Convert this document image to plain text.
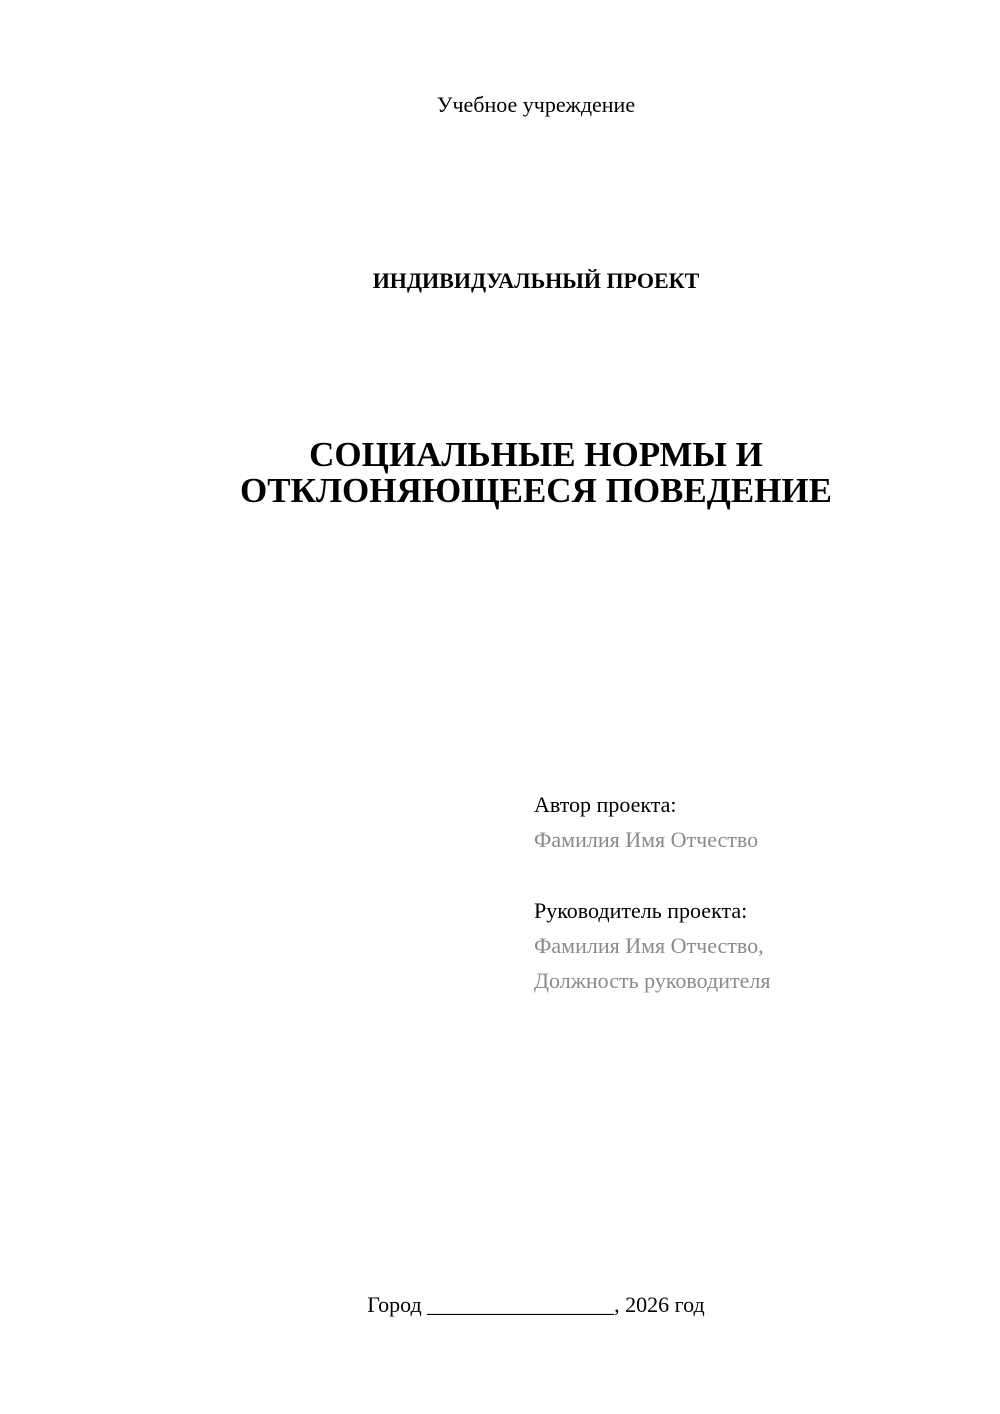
Учебное учреждение
ИНДИВИДУАЛЬНЫЙ ПРОЕКТ
СОЦИАЛЬНЫЕ НОРМЫ И
ОТКЛОНЯЮЩЕЕСЯ ПОВЕДЕНИЕ
Автор проекта:
Фамилия Имя Отчество
Руководитель проекта:
Фамилия Имя Отчество,
Должность руководителя
Город _________________, 2026 год
